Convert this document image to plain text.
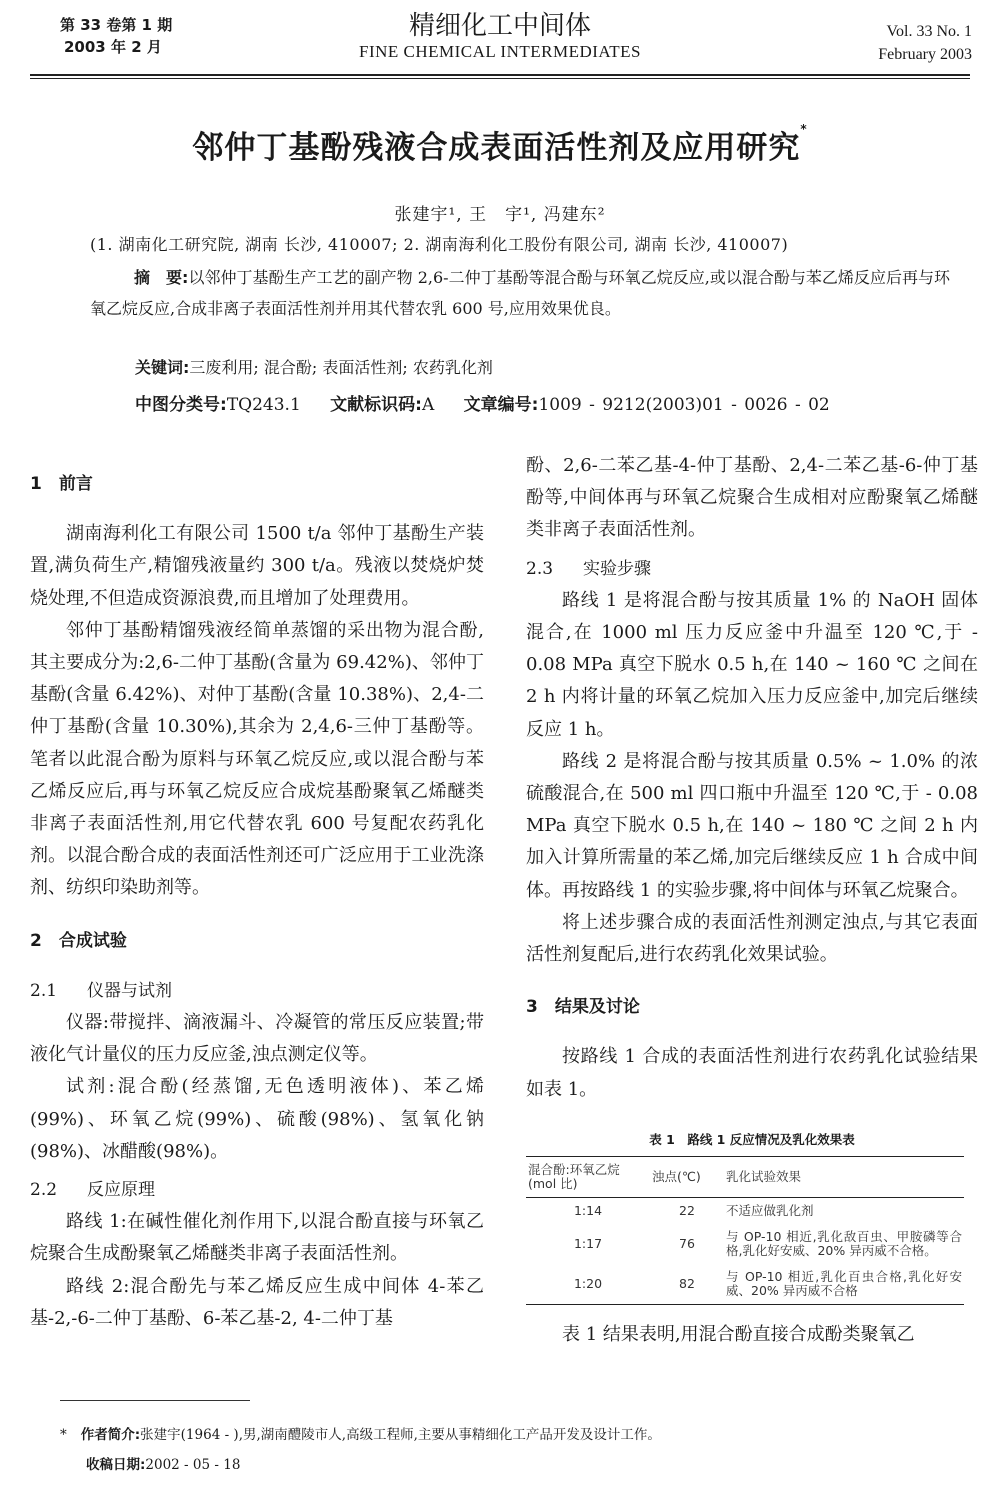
第 33 卷第 1 期
2003 年 2 月
精细化工中间体
FINE CHEMICAL INTERMEDIATES
Vol. 33 No. 1
February 2003
邻仲丁基酚残液合成表面活性剂及应用研究*
张建宇¹, 王　宇¹, 冯建东²
(1. 湖南化工研究院, 湖南 长沙, 410007; 2. 湖南海利化工股份有限公司, 湖南 长沙, 410007)
摘　要:以邻仲丁基酚生产工艺的副产物 2,6-二仲丁基酚等混合酚与环氧乙烷反应,或以混合酚与苯乙烯反应后再与环氧乙烷反应,合成非离子表面活性剂并用其代替农乳 600 号,应用效果优良。
关键词:三废利用; 混合酚; 表面活性剂; 农药乳化剂
中图分类号:TQ243.1 文献标识码:A 文章编号:1009 - 9212(2003)01 - 0026 - 02

1　前言

湖南海利化工有限公司 1500 t/a 邻仲丁基酚生产装置,满负荷生产,精馏残液量约 300 t/a。残液以焚烧炉焚烧处理,不但造成资源浪费,而且增加了处理费用。

邻仲丁基酚精馏残液经简单蒸馏的采出物为混合酚,其主要成分为:2,6-二仲丁基酚(含量为 69.42%)、邻仲丁基酚(含量 6.42%)、对仲丁基酚(含量 10.38%)、2,4-二仲丁基酚(含量 10.30%),其余为 2,4,6-三仲丁基酚等。笔者以此混合酚为原料与环氧乙烷反应,或以混合酚与苯乙烯反应后,再与环氧乙烷反应合成烷基酚聚氧乙烯醚类非离子表面活性剂,用它代替农乳 600 号复配农药乳化剂。以混合酚合成的表面活性剂还可广泛应用于工业洗涤剂、纺织印染助剂等。

2　合成试验

2.1 仪器与试剂

仪器:带搅拌、滴液漏斗、冷凝管的常压反应装置;带液化气计量仪的压力反应釜,浊点测定仪等。

试剂:混合酚(经蒸馏,无色透明液体)、苯乙烯(99%)、环氧乙烷(99%)、硫酸(98%)、氢氧化钠(98%)、冰醋酸(98%)。

2.2 反应原理

路线 1:在碱性催化剂作用下,以混合酚直接与环氧乙烷聚合生成酚聚氧乙烯醚类非离子表面活性剂。

路线 2:混合酚先与苯乙烯反应生成中间体 4-苯乙基-2,-6-二仲丁基酚、6-苯乙基-2, 4-二仲丁基

酚、2,6-二苯乙基-4-仲丁基酚、2,4-二苯乙基-6-仲丁基酚等,中间体再与环氧乙烷聚合生成相对应酚聚氧乙烯醚类非离子表面活性剂。

2.3 实验步骤

路线 1 是将混合酚与按其质量 1% 的 NaOH 固体混合,在 1000 ml 压力反应釜中升温至 120 ℃,于 - 0.08 MPa 真空下脱水 0.5 h,在 140 ~ 160 ℃ 之间在 2 h 内将计量的环氧乙烷加入压力反应釜中,加完后继续反应 1 h。

路线 2 是将混合酚与按其质量 0.5% ~ 1.0% 的浓硫酸混合,在 500 ml 四口瓶中升温至 120 ℃,于 - 0.08 MPa 真空下脱水 0.5 h,在 140 ~ 180 ℃ 之间 2 h 内加入计算所需量的苯乙烯,加完后继续反应 1 h 合成中间体。再按路线 1 的实验步骤,将中间体与环氧乙烷聚合。

将上述步骤合成的表面活性剂测定浊点,与其它表面活性剂复配后,进行农药乳化效果试验。

3　结果及讨论

按路线 1 合成的表面活性剂进行农药乳化试验结果如表 1。

表 1　路线 1 反应情况及乳化效果表
混合酚:环氧乙烷
(mol 比)	浊点(℃)	乳化试验效果
1:14	22	不适应做乳化剂
1:17	76	与 OP-10 相近,乳化敌百虫、甲胺磷等合格,乳化好安威、20% 异丙威不合格。
1:20	82	与 OP-10 相近,乳化百虫合格,乳化好安威、20% 异丙威不合格

表 1 结果表明,用混合酚直接合成酚类聚氧乙

* 作者简介:张建宇(1964 - ),男,湖南醴陵市人,高级工程师,主要从事精细化工产品开发及设计工作。
收稿日期:2002 - 05 - 18
